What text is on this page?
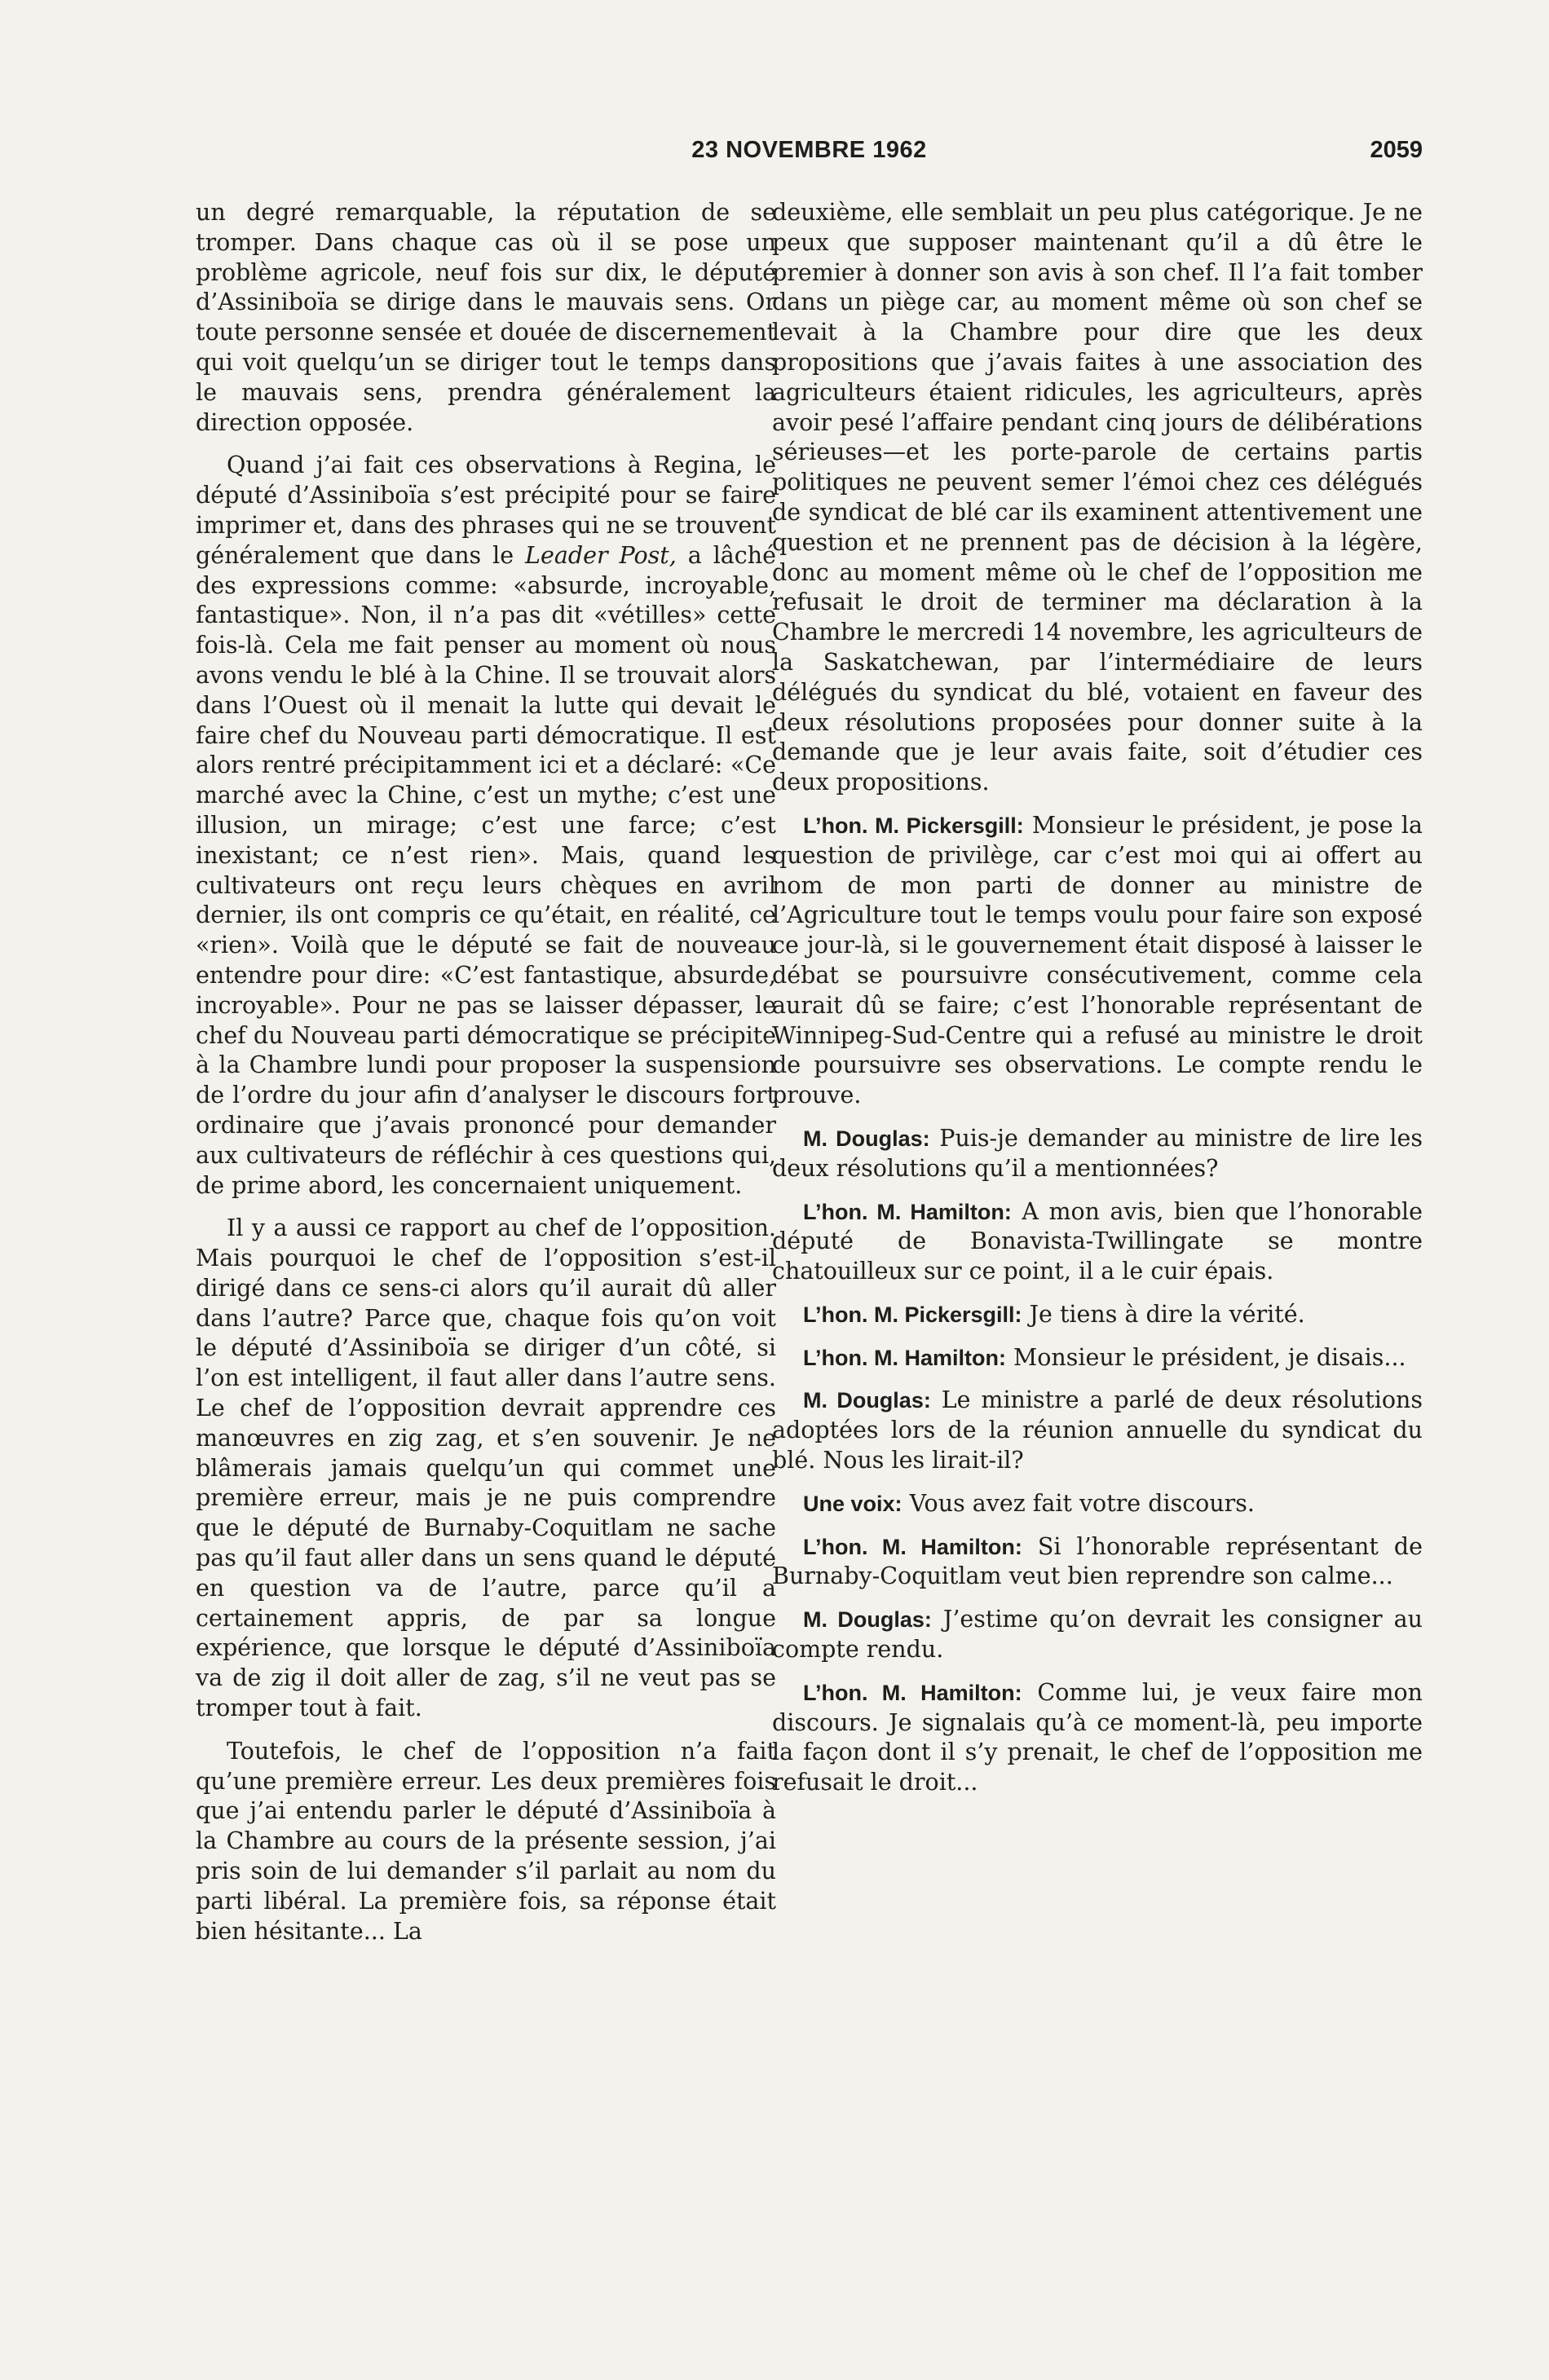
23 NOVEMBRE 1962	2059

un degré remarquable, la réputation de se tromper. Dans chaque cas où il se pose un problème agricole, neuf fois sur dix, le député d’Assiniboïa se dirige dans le mauvais sens. Or toute personne sensée et douée de discernement qui voit quelqu’un se diriger tout le temps dans le mauvais sens, prendra généralement la direction opposée.

Quand j’ai fait ces observations à Regina, le député d’Assiniboïa s’est précipité pour se faire imprimer et, dans des phrases qui ne se trouvent généralement que dans le Leader Post, a lâché des expressions comme: «absurde, incroyable, fantastique». Non, il n’a pas dit «vétilles» cette fois-là. Cela me fait penser au moment où nous avons vendu le blé à la Chine. Il se trouvait alors dans l’Ouest où il menait la lutte qui devait le faire chef du Nouveau parti démocratique. Il est alors rentré précipitamment ici et a déclaré: «Ce marché avec la Chine, c’est un mythe; c’est une illusion, un mirage; c’est une farce; c’est inexistant; ce n’est rien». Mais, quand les cultivateurs ont reçu leurs chèques en avril dernier, ils ont compris ce qu’était, en réalité, ce «rien». Voilà que le député se fait de nouveau entendre pour dire: «C’est fantastique, absurde, incroyable». Pour ne pas se laisser dépasser, le chef du Nouveau parti démocratique se précipite à la Chambre lundi pour proposer la suspension de l’ordre du jour afin d’analyser le discours fort ordinaire que j’avais prononcé pour demander aux cultivateurs de réfléchir à ces questions qui, de prime abord, les concernaient uniquement.

Il y a aussi ce rapport au chef de l’opposition. Mais pourquoi le chef de l’opposition s’est-il dirigé dans ce sens-ci alors qu’il aurait dû aller dans l’autre? Parce que, chaque fois qu’on voit le député d’Assiniboïa se diriger d’un côté, si l’on est intelligent, il faut aller dans l’autre sens. Le chef de l’opposition devrait apprendre ces manœuvres en zig zag, et s’en souvenir. Je ne blâmerais jamais quelqu’un qui commet une première erreur, mais je ne puis comprendre que le député de Burnaby-Coquitlam ne sache pas qu’il faut aller dans un sens quand le député en question va de l’autre, parce qu’il a certainement appris, de par sa longue expérience, que lorsque le député d’Assiniboïa va de zig il doit aller de zag, s’il ne veut pas se tromper tout à fait.

Toutefois, le chef de l’opposition n’a fait qu’une première erreur. Les deux premières fois que j’ai entendu parler le député d’Assiniboïa à la Chambre au cours de la présente session, j’ai pris soin de lui demander s’il parlait au nom du parti libéral. La première fois, sa réponse était bien hésitante... La

deuxième, elle semblait un peu plus catégorique. Je ne peux que supposer maintenant qu’il a dû être le premier à donner son avis à son chef. Il l’a fait tomber dans un piège car, au moment même où son chef se levait à la Chambre pour dire que les deux propositions que j’avais faites à une association des agriculteurs étaient ridicules, les agriculteurs, après avoir pesé l’affaire pendant cinq jours de délibérations sérieuses—et les porte-parole de certains partis politiques ne peuvent semer l’émoi chez ces délégués de syndicat de blé car ils examinent attentivement une question et ne prennent pas de décision à la légère, donc au moment même où le chef de l’opposition me refusait le droit de terminer ma déclaration à la Chambre le mercredi 14 novembre, les agriculteurs de la Saskatchewan, par l’intermédiaire de leurs délégués du syndicat du blé, votaient en faveur des deux résolutions proposées pour donner suite à la demande que je leur avais faite, soit d’étudier ces deux propositions.

L’hon. M. Pickersgill: Monsieur le président, je pose la question de privilège, car c’est moi qui ai offert au nom de mon parti de donner au ministre de l’Agriculture tout le temps voulu pour faire son exposé ce jour-là, si le gouvernement était disposé à laisser le débat se poursuivre consécutivement, comme cela aurait dû se faire; c’est l’honorable représentant de Winnipeg-Sud-Centre qui a refusé au ministre le droit de poursuivre ses observations. Le compte rendu le prouve.

M. Douglas: Puis-je demander au ministre de lire les deux résolutions qu’il a mentionnées?

L’hon. M. Hamilton: A mon avis, bien que l’honorable député de Bonavista-Twillingate se montre chatouilleux sur ce point, il a le cuir épais.

L’hon. M. Pickersgill: Je tiens à dire la vérité.

L’hon. M. Hamilton: Monsieur le président, je disais...

M. Douglas: Le ministre a parlé de deux résolutions adoptées lors de la réunion annuelle du syndicat du blé. Nous les lirait-il?

Une voix: Vous avez fait votre discours.

L’hon. M. Hamilton: Si l’honorable représentant de Burnaby-Coquitlam veut bien reprendre son calme...

M. Douglas: J’estime qu’on devrait les consigner au compte rendu.

L’hon. M. Hamilton: Comme lui, je veux faire mon discours. Je signalais qu’à ce moment-là, peu importe la façon dont il s’y prenait, le chef de l’opposition me refusait le droit...
